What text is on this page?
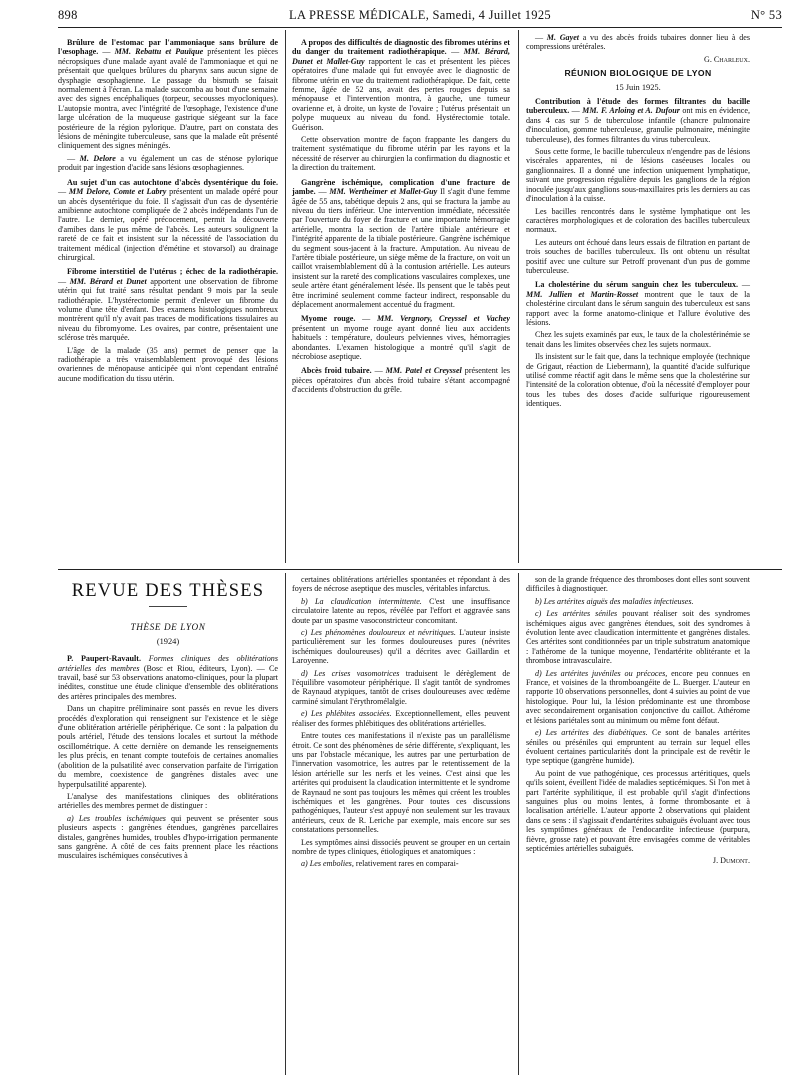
898	LA PRESSE MÉDICALE, Samedi, 4 Juillet 1925	N° 53

Brûlure de l'estomac par l'ammoniaque sans brûlure de l'œsophage. — MM. Rebattu et Pauïque présentent les pièces nécropsiques d'une malade ayant avalé de l'ammoniaque et qui ne présentait que quelques brûlures du pharynx sans aucun signe de dysphagie œsophagienne. Le passage du bismuth se faisait normalement à l'écran. La malade succomba au bout d'une semaine avec des signes encéphaliques (torpeur, secousses myocloniques). L'autopsie montra, avec l'intégrité de l'œsophage, l'existence d'une large ulcération de la muqueuse gastrique siégeant sur la face postérieure de la région pylorique. D'autre, part on constata des lésions de méningite tuberculeuse, sans que la malade eût présenté cliniquement des signes méningés.

— M. Delore a vu également un cas de sténose pylorique produit par ingestion d'acide sans lésions œsophagiennes.

Au sujet d'un cas autochtone d'abcès dysentérique du foie. — MM Delore, Comte et Labry présentent un malade opéré pour un abcès dysentérique du foie. Il s'agissait d'un cas de dysentérie amibienne autochtone compliquée de 2 abcès indépendants l'un de l'autre. Le dernier, opéré précocement, permit la découverte d'amibes dans le pus même de l'abcès. Les auteurs soulignent la rareté de ce fait et insistent sur la nécessité de l'association du traitement médical (injection d'émétine et stovarsol) au drainage chirurgical.

Fibrome interstitiel de l'utérus ; échec de la radiothérapie. — MM. Bérard et Dunet apportent une observation de fibrome utérin qui fut traité sans résultat pendant 9 mois par la seule radiothérapie. L'hystérectomie permit d'enlever un fibrome du volume d'une tête d'enfant. Des examens histologiques nombreux montrèrent qu'il n'y avait pas traces de modifications tissulaires au niveau du fibromyome. Les ovaires, par contre, présentaient une sclérose très marquée.

L'âge de la malade (35 ans) permet de penser que la radiothérapie a très vraisemblablement provoqué des lésions ovariennes de ménopause anticipée qui n'ont cependant entraîné aucune modification du tissu utérin.

A propos des difficultés de diagnostic des fibromes utérins et du danger du traitement radiothérapique. — MM. Bérard, Dunet et Mallet-Guy rapportent le cas et présentent les pièces opératoires d'une malade qui fut envoyée avec le diagnostic de fibrome utérin en vue du traitement radiothérapique. De fait, cette femme, âgée de 52 ans, avait des pertes rouges depuis sa ménopause et l'intervention montra, à gauche, une tumeur ovarienne et, à droite, un kyste de l'ovaire ; l'utérus présentait un polype muqueux au niveau du fond. Hystérectomie totale. Guérison.

Cette observation montre de façon frappante les dangers du traitement systématique du fibrome utérin par les rayons et la nécessité de réserver au chirurgien la confirmation du diagnostic et la direction du traitement.

Gangrène ischémique, complication d'une fracture de jambe. — MM. Wertheimer et Mallet-Guy Il s'agit d'une femme âgée de 55 ans, tabétique depuis 2 ans, qui se fractura la jambe au niveau du tiers inférieur. Une intervention immédiate, nécessitée par l'ouverture du foyer de fracture et une importante hémorragie artérielle, montra la section de l'artère tibiale antérieure et l'intégrité apparente de la tibiale postérieure. Gangrène ischémique du segment sous-jacent à la fracture. Amputation. Au niveau de l'artère tibiale postérieure, un siège même de la fracture, on voit un caillot vraisemblablement dû à la contusion artérielle. Les auteurs insistent sur la rareté des complications vasculaires complexes, une seule artère étant généralement lésée. Ils pensent que le tabès peut être incriminé seulement comme facteur indirect, responsable du déplacement anormalement accentué du fragment.

Myome rouge. — MM. Vergnory, Creyssel et Vachey présentent un myome rouge ayant donné lieu aux accidents habituels : température, douleurs pelviennes vives, hémorragies abondantes. L'examen histologique a montré qu'il s'agit de nécrobiose aseptique.

Abcès froid tubaire. — MM. Patel et Creyssel présentent les pièces opératoires d'un abcès froid tubaire s'étant accompagné d'accidents d'obstruction du grêle.

— M. Gayet a vu des abcès froids tubaires donner lieu à des compressions urétérales.

G. Charleux.
RÉUNION BIOLOGIQUE DE LYON
15 Juin 1925.

Contribution à l'étude des formes filtrantes du bacille tuberculeux. — MM. F. Arloing et A. Dufour ont mis en évidence, dans 4 cas sur 5 de tuberculose infantile (chancre pulmonaire d'inoculation, gomme tuberculeuse, granulie pulmonaire, méningite tuberculeuse), des formes filtrantes du virus tuberculeux.

Sous cette forme, le bacille tuberculeux n'engendre pas de lésions viscérales apparentes, ni de lésions caséeuses locales ou ganglionnaires. Il a donné une infection uniquement lymphatique, suivant une progression régulière depuis les ganglions de la région inoculée jusqu'aux ganglions sous-maxillaires pris les derniers au cas d'inoculation à la cuisse.

Les bacilles rencontrés dans le système lymphatique ont les caractères morphologiques et de coloration des bacilles tuberculeux normaux.

Les auteurs ont échoué dans leurs essais de filtration en partant de trois souches de bacilles tuberculeux. Ils ont obtenu un résultat positif avec une culture sur Petroff provenant d'un pus de gomme tuberculeuse.

La cholestérine du sérum sanguin chez les tuberculeux. — MM. Jullien et Martin-Rosset montrent que le taux de la cholestérine circulant dans le sérum sanguin des tuberculeux est sans rapport avec la forme anatomo-clinique et l'allure évolutive des lésions.

Chez les sujets examinés par eux, le taux de la cholestérinémie se tenait dans les limites observées chez les sujets normaux.

Ils insistent sur le fait que, dans la technique employée (technique de Grigaut, réaction de Liebermann), la quantité d'acide sulfurique utilisé comme réactif agit dans le même sens que la cholestérine sur l'intensité de la coloration obtenue, d'où la nécessité d'employer pour tous les tubes des doses d'acide sulfurique rigoureusement identiques.

REVUE DES THÈSES
THÈSE DE LYON
(1924)

P. Paupert-Ravault. Formes cliniques des oblitérations artérielles des membres (Bosc et Riou, éditeurs, Lyon). — Ce travail, basé sur 53 observations anatomo-cliniques, pour la plupart inédites, constitue une étude clinique d'ensemble des oblitérations des artères principales des membres.

Dans un chapitre préliminaire sont passés en revue les divers procédés d'exploration qui renseignent sur l'existence et le siège d'une oblitération artérielle périphérique. Ce sont : la palpation du pouls artériel, l'étude des tensions locales et surtout la méthode oscillométrique. A cette dernière on demande les renseignements les plus précis, en tenant compte toutefois de certaines anomalies (abolition de la pulsatilité avec conservation parfaite de l'irrigation du membre, coexistence de gangrènes distales avec une hyperpulsatilité apparente).

L'analyse des manifestations cliniques des oblitérations artérielles des membres permet de distinguer :

a) Les troubles ischémiques qui peuvent se présenter sous plusieurs aspects : gangrènes étendues, gangrènes parcellaires distales, gangrènes humides, troubles d'hypo-irrigation permanente sans gangrène. A côté de ces faits prennent place les réactions musculaires ischémiques consécutives à

certaines oblitérations artérielles spontanées et répondant à des foyers de nécrose aseptique des muscles, véritables infarctus.

b) La claudication intermittente. C'est une insuffisance circulatoire latente au repos, révélée par l'effort et aggravée sans doute par un spasme vasoconstricteur concomitant.

c) Les phénomènes douloureux et névritiques. L'auteur insiste particulièrement sur les formes douloureuses pures (névrites ischémiques douloureuses) qu'il a décrites avec Gaillardin et Laroyenne.

d) Les crises vasomotrices traduisent le dérèglement de l'équilibre vasomoteur périphérique. Il s'agit tantôt de syndromes de Raynaud atypiques, tantôt de crises douloureuses avec œdème carminé simulant l'érythromélalgie.

e) Les phlébites associées. Exceptionnellement, elles peuvent réaliser des formes phlébitiques des oblitérations artérielles.

Entre toutes ces manifestations il n'existe pas un parallélisme étroit. Ce sont des phénomènes de série différente, s'expliquant, les uns par l'obstacle mécanique, les autres par une perturbation de l'innervation vasomotrice, les autres par le retentissement de la lésion artérielle sur les nerfs et les veines. C'est ainsi que les artérites qui produisent la claudication intermittente et le syndrome de Raynaud ne sont pas toujours les mêmes qui créent les troubles ischémiques et les gangrènes. Pour toutes ces discussions pathogéniques, l'auteur s'est appuyé non seulement sur les travaux antérieurs, ceux de R. Leriche par exemple, mais encore sur ses constatations personnelles.

Les symptômes ainsi dissociés peuvent se grouper en un certain nombre de types cliniques, étiologiques et anatomiques :

a) Les embolies, relativement rares en comparai-

son de la grande fréquence des thromboses dont elles sont souvent difficiles à diagnostiquer.

b) Les artérites aiguës des maladies infectieuses.

c) Les artérites séniles pouvant réaliser soit des syndromes ischémiques aigus avec gangrènes étendues, soit des syndromes à évolution lente avec claudication intermittente et gangrènes distales. Ces artérites sont conditionnées par un triple substratum anatomique : l'athérome de la tunique moyenne, l'endartérite oblitérante et la thrombose intravasculaire.

d) Les artérites juvéniles ou précoces, encore peu connues en France, et voisines de la thromboangéite de L. Buerger. L'auteur en rapporte 10 observations personnelles, dont 4 suivies au point de vue histologique. Pour lui, la lésion prédominante est une thrombose avec secondairement organisation conjonctive du caillot. Athérome et lésions pariétales sont au minimum ou même font défaut.

e) Les artérites des diabétiques. Ce sont de banales artérites séniles ou préséniles qui empruntent au terrain sur lequel elles évoluent certaines particularités dont la principale est de revêtir le type septique (gangrène humide).

Au point de vue pathogénique, ces processus artéritiques, quels qu'ils soient, éveillent l'idée de maladies septicémiques. Si l'on met à part l'artérite syphilitique, il est probable qu'il s'agit d'infections sanguines plus ou moins lentes, à forme thrombosante et à localisation artérielle. L'auteur apporte 2 observations qui plaident dans ce sens : il s'agissait d'endartérites subaiguës évoluant avec tous les symptômes généraux de l'endocardite infectieuse (purpura, fièvre, grosse rate) et pouvant être envisagées comme de véritables septicémies artérielles subaiguës.

J. Dumont.
